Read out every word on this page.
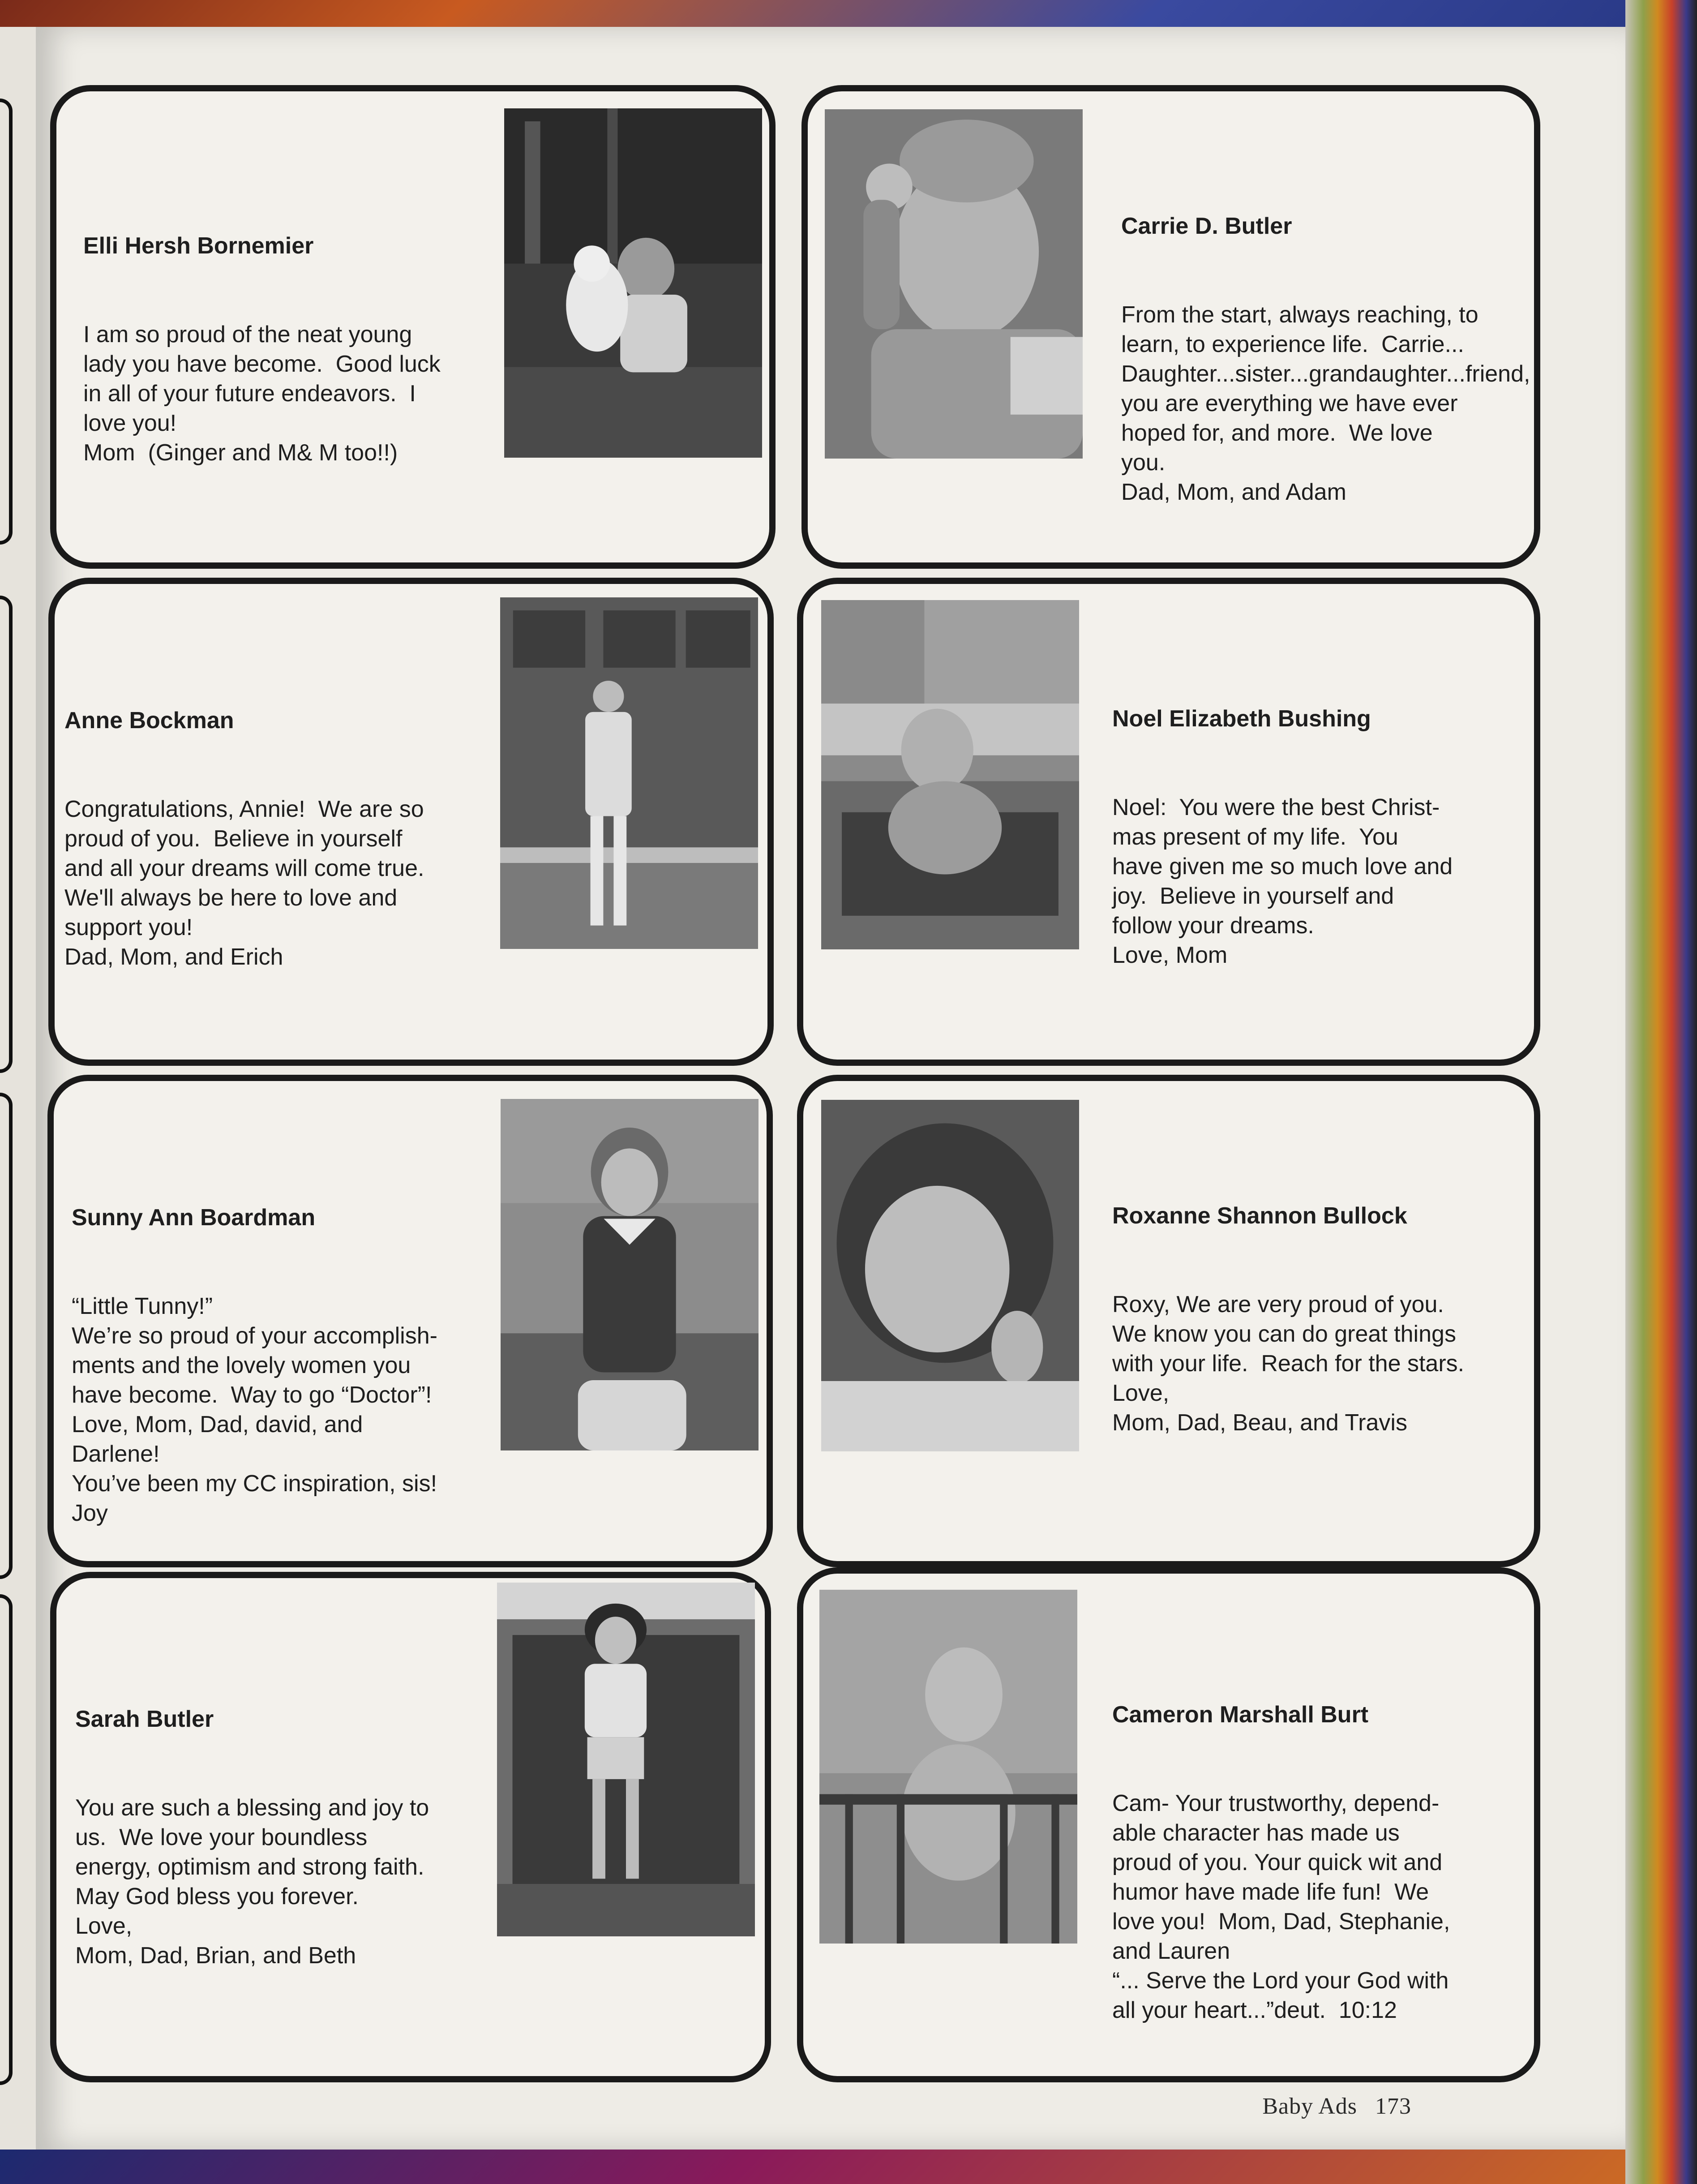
Elli Hersh Bornemier

I am so proud of the neat young
lady you have become.  Good luck
in all of your future endeavors.  I
love you!
Mom  (Ginger and M& M too!!)

Carrie D. Butler

From the start, always reaching, to
learn, to experience life.  Carrie...
Daughter...sister...grandaughter...friend,
you are everything we have ever
hoped for, and more.  We love
you.
Dad, Mom, and Adam

Anne Bockman

Congratulations, Annie!  We are so
proud of you.  Believe in yourself
and all your dreams will come true.
We'll always be here to love and
support you!
Dad, Mom, and Erich

Noel Elizabeth Bushing

Noel:  You were the best Christ-
mas present of my life.  You
have given me so much love and
joy.  Believe in yourself and
follow your dreams.
Love, Mom

Sunny Ann Boardman

“Little Tunny!”
We’re so proud of your accomplish-
ments and the lovely women you
have become.  Way to go “Doctor”!
Love, Mom, Dad, david, and
Darlene!
You’ve been my CC inspiration, sis!
Joy

Roxanne Shannon Bullock

Roxy, We are very proud of you.
We know you can do great things
with your life.  Reach for the stars.
Love,
Mom, Dad, Beau, and Travis

Sarah Butler

You are such a blessing and joy to
us.  We love your boundless
energy, optimism and strong faith.
May God bless you forever.
Love,
Mom, Dad, Brian, and Beth

Cameron Marshall Burt

Cam- Your trustworthy, depend-
able character has made us
proud of you. Your quick wit and
humor have made life fun!  We
love you!  Mom, Dad, Stephanie,
and Lauren
“... Serve the Lord your God with
all your heart...”deut.  10:12

Baby Ads 173
